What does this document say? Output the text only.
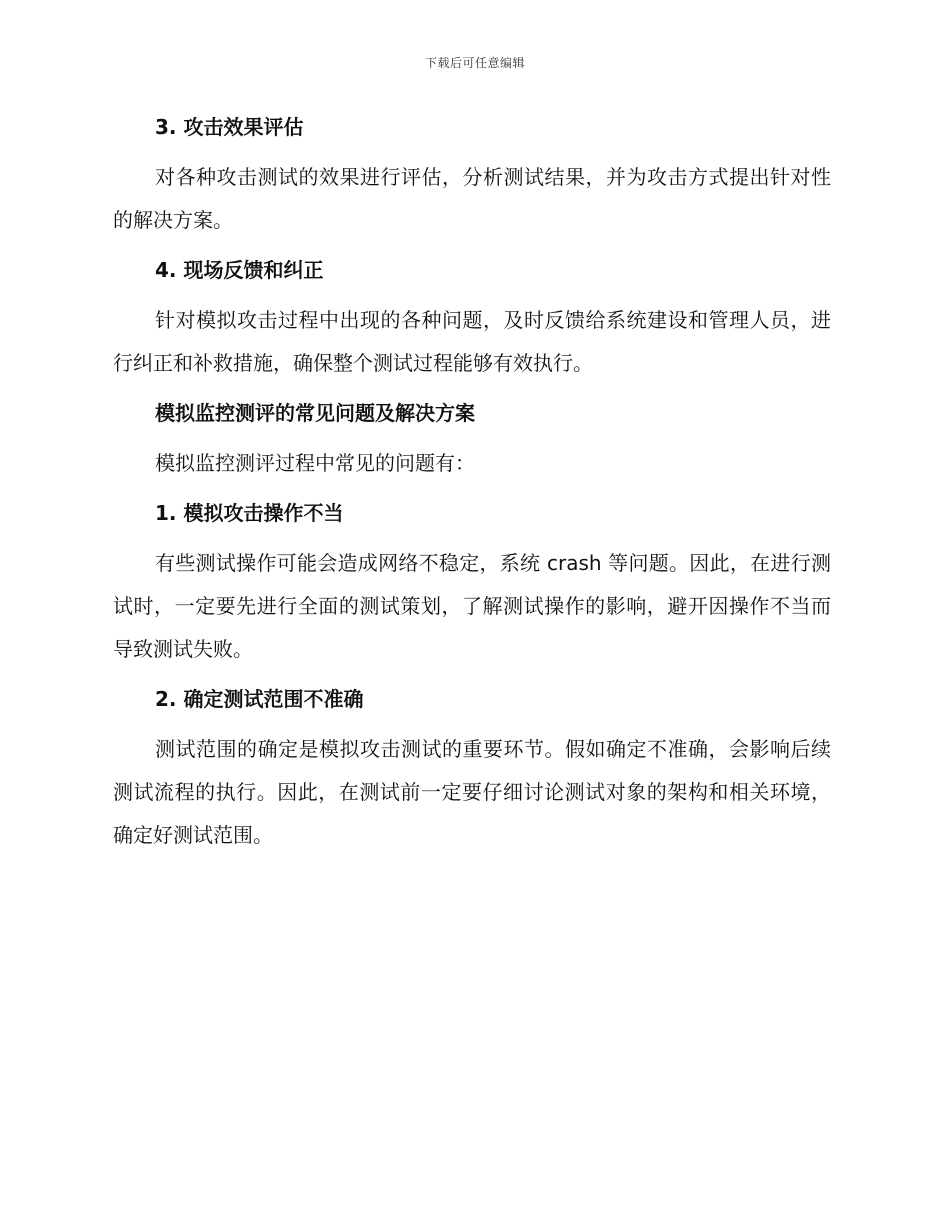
下载后可任意编辑
3. 攻击效果评估

对各种攻击测试的效果进行评估，分析测试结果，并为攻击方式提出针对性的解决方案。

4. 现场反馈和纠正

针对模拟攻击过程中出现的各种问题，及时反馈给系统建设和管理人员，进行纠正和补救措施，确保整个测试过程能够有效执行。

模拟监控测评的常见问题及解决方案

模拟监控测评过程中常见的问题有：

1. 模拟攻击操作不当

有些测试操作可能会造成网络不稳定，系统 crash 等问题。因此，在进行测试时，一定要先进行全面的测试策划，了解测试操作的影响，避开因操作不当而导致测试失败。

2. 确定测试范围不准确

测试范围的确定是模拟攻击测试的重要环节。假如确定不准确，会影响后续测试流程的执行。因此，在测试前一定要仔细讨论测试对象的架构和相关环境，确定好测试范围。
